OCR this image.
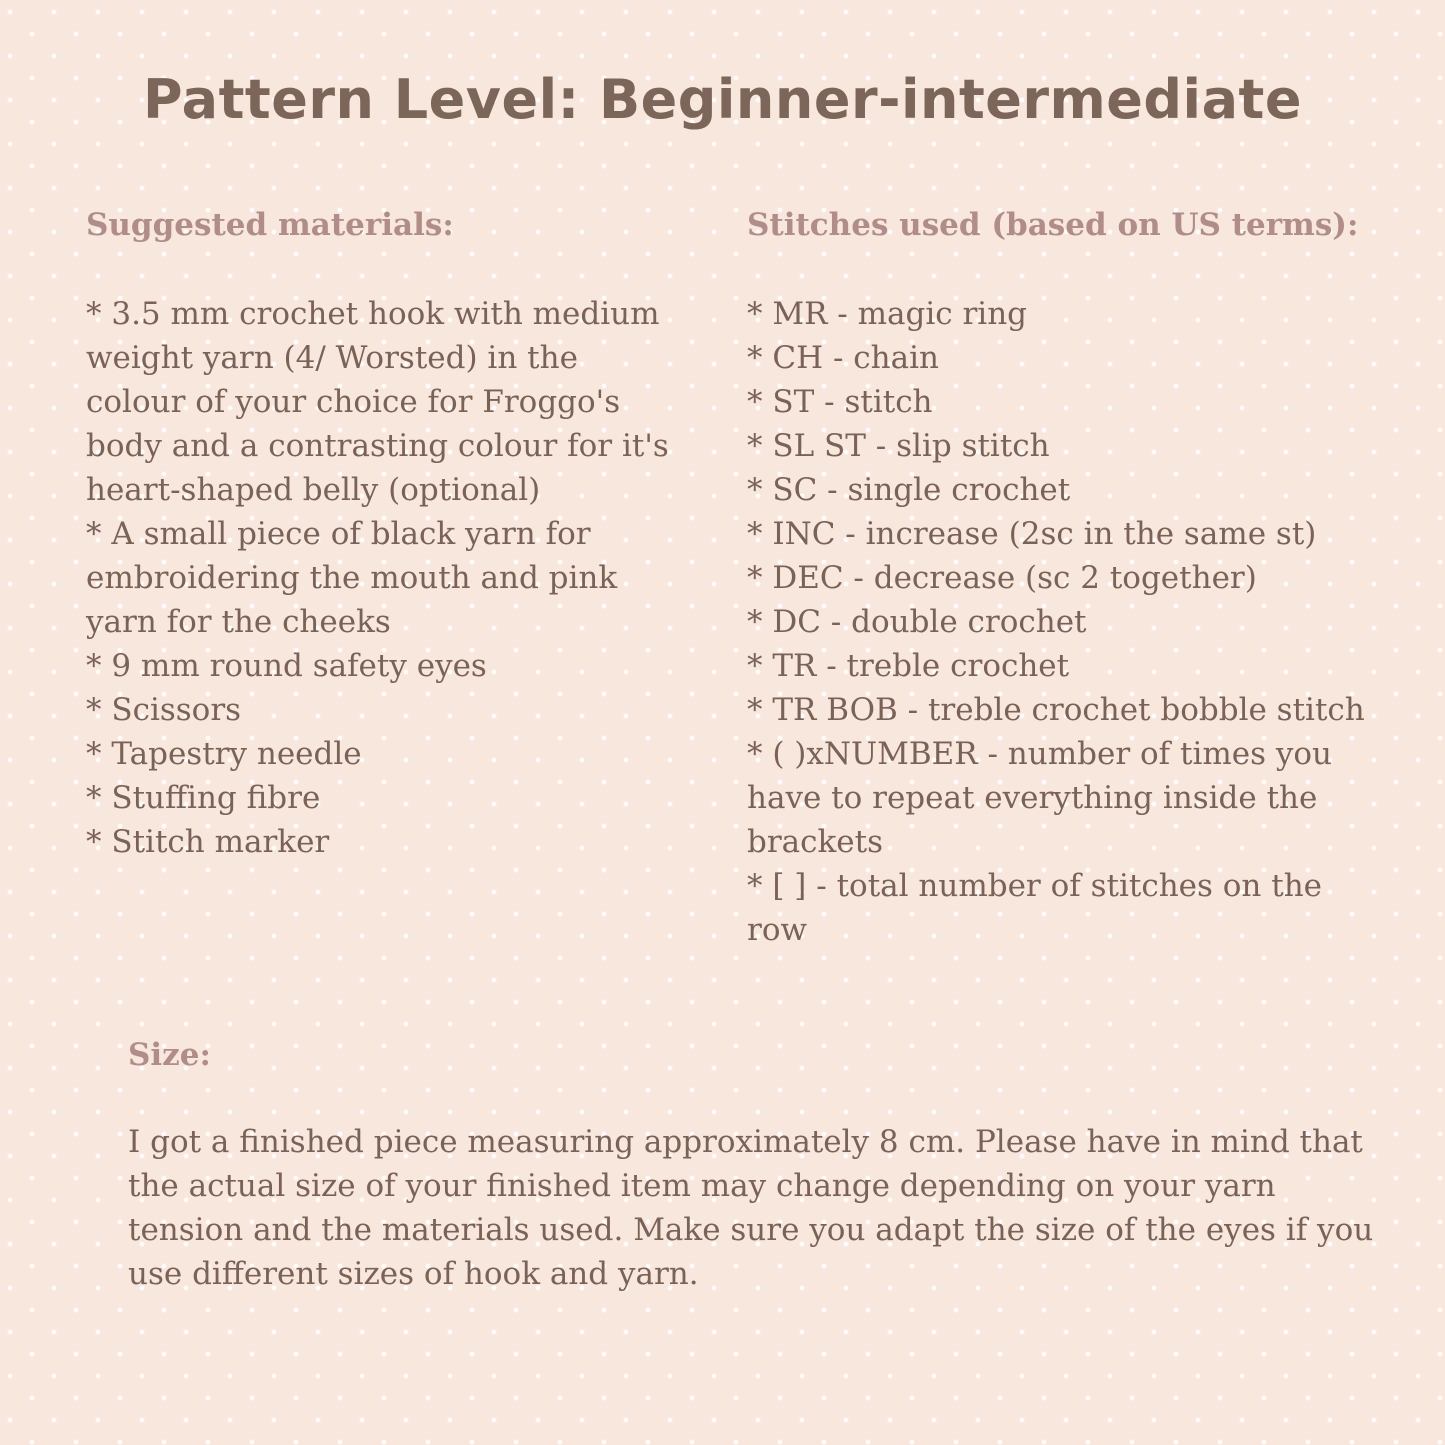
Pattern Level: Beginner-intermediate
Suggested materials:
* 3.5 mm crochet hook with medium weight yarn (4/ Worsted) in the colour of your choice for Froggo's body and a contrasting colour for it's heart-shaped belly (optional)
* A small piece of black yarn for embroidering the mouth and pink yarn for the cheeks
* 9 mm round safety eyes
* Scissors
* Tapestry needle
* Stuffing fibre
* Stitch marker
Stitches used (based on US terms):
* MR - magic ring
* CH - chain
* ST - stitch
* SL ST - slip stitch
* SC - single crochet
* INC - increase (2sc in the same st)
* DEC - decrease (sc 2 together)
* DC - double crochet
* TR - treble crochet
* TR BOB - treble crochet bobble stitch
* ( )xNUMBER - number of times you have to repeat everything inside the brackets
* [ ] - total number of stitches on the row
Size:
I got a finished piece measuring approximately 8 cm. Please have in mind that the actual size of your finished item may change depending on your yarn tension and the materials used. Make sure you adapt the size of the eyes if you use different sizes of hook and yarn.
